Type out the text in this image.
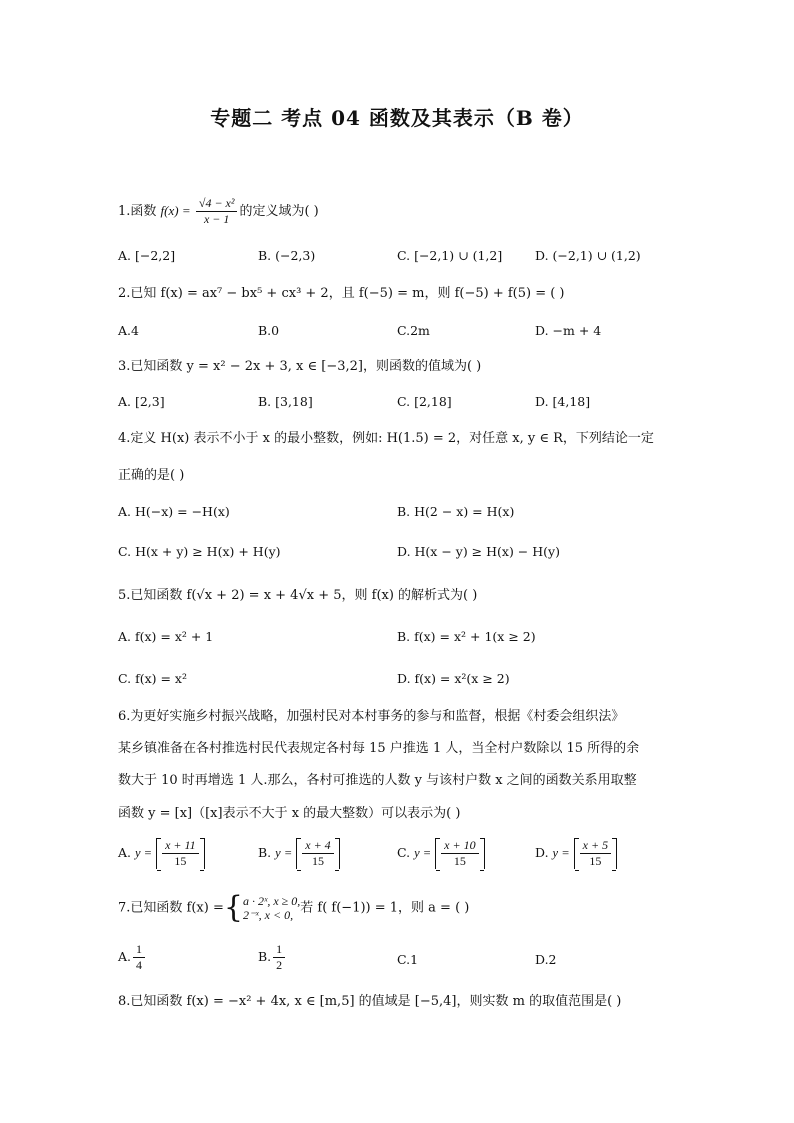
专题二 考点 04 函数及其表示（B 卷）
1.函数 $f(x) = \frac{\text{√4 − x²}}{x - 1}$ 的定义域为( )
A. [−2,2]	B. (−2,3)	C. [−2,1) ∪ (1,2]	D. (−2,1) ∪ (1,2)
2.已知 f(x) = ax⁷ − bx⁵ + cx³ + 2，且 f(−5) = m，则 f(−5) + f(5) = ( )
A.4	B.0	C.2m	D. −m + 4
3.已知函数 y = x² − 2x + 3, x ∈ [−3,2]，则函数的值域为( )
A. [2,3]	B. [3,18]	C. [2,18]	D. [4,18]
4.定义 H(x) 表示不小于 x 的最小整数，例如: H(1.5) = 2，对任意 x, y ∈ R，下列结论一定
正确的是( )
A. H(−x) = −H(x)	B. H(2 − x) = H(x)
C. H(x + y) ≥ H(x) + H(y)	D. H(x − y) ≥ H(x) − H(y)
5.已知函数 f(√x + 2) = x + 4√x + 5，则 f(x) 的解析式为( )
A. f(x) = x² + 1	B. f(x) = x² + 1(x ≥ 2)
C. f(x) = x²	D. f(x) = x²(x ≥ 2)
6.为更好实施乡村振兴战略，加强村民对本村事务的参与和监督，根据《村委会组织法》
某乡镇准备在各村推选村民代表规定各村每 15 户推选 1 人，当全村户数除以 15 所得的余
数大于 10 时再增选 1 人.那么，各村可推选的人数 y 与该村户数 x 之间的函数关系用取整
函数 y = [x]（[x]表示不大于 x 的最大整数）可以表示为( )
A. $y = \frac{x + 11}{15}$	B. $y = \frac{x + 4}{15}$	C. $y = \frac{x + 10}{15}$	D. $y = \frac{x + 5}{15}$
7.已知函数 f(x) ={ a · 2ˣ, x ≥ 0,
2⁻ˣ, x < 0, 若 f( f(−1)) = 1，则 a = ( )
A. $\frac{1}{4}$	B. $\frac{1}{2}$	C.1	D.2
8.已知函数 f(x) = −x² + 4x, x ∈ [m,5] 的值域是 [−5,4]，则实数 m 的取值范围是( )
